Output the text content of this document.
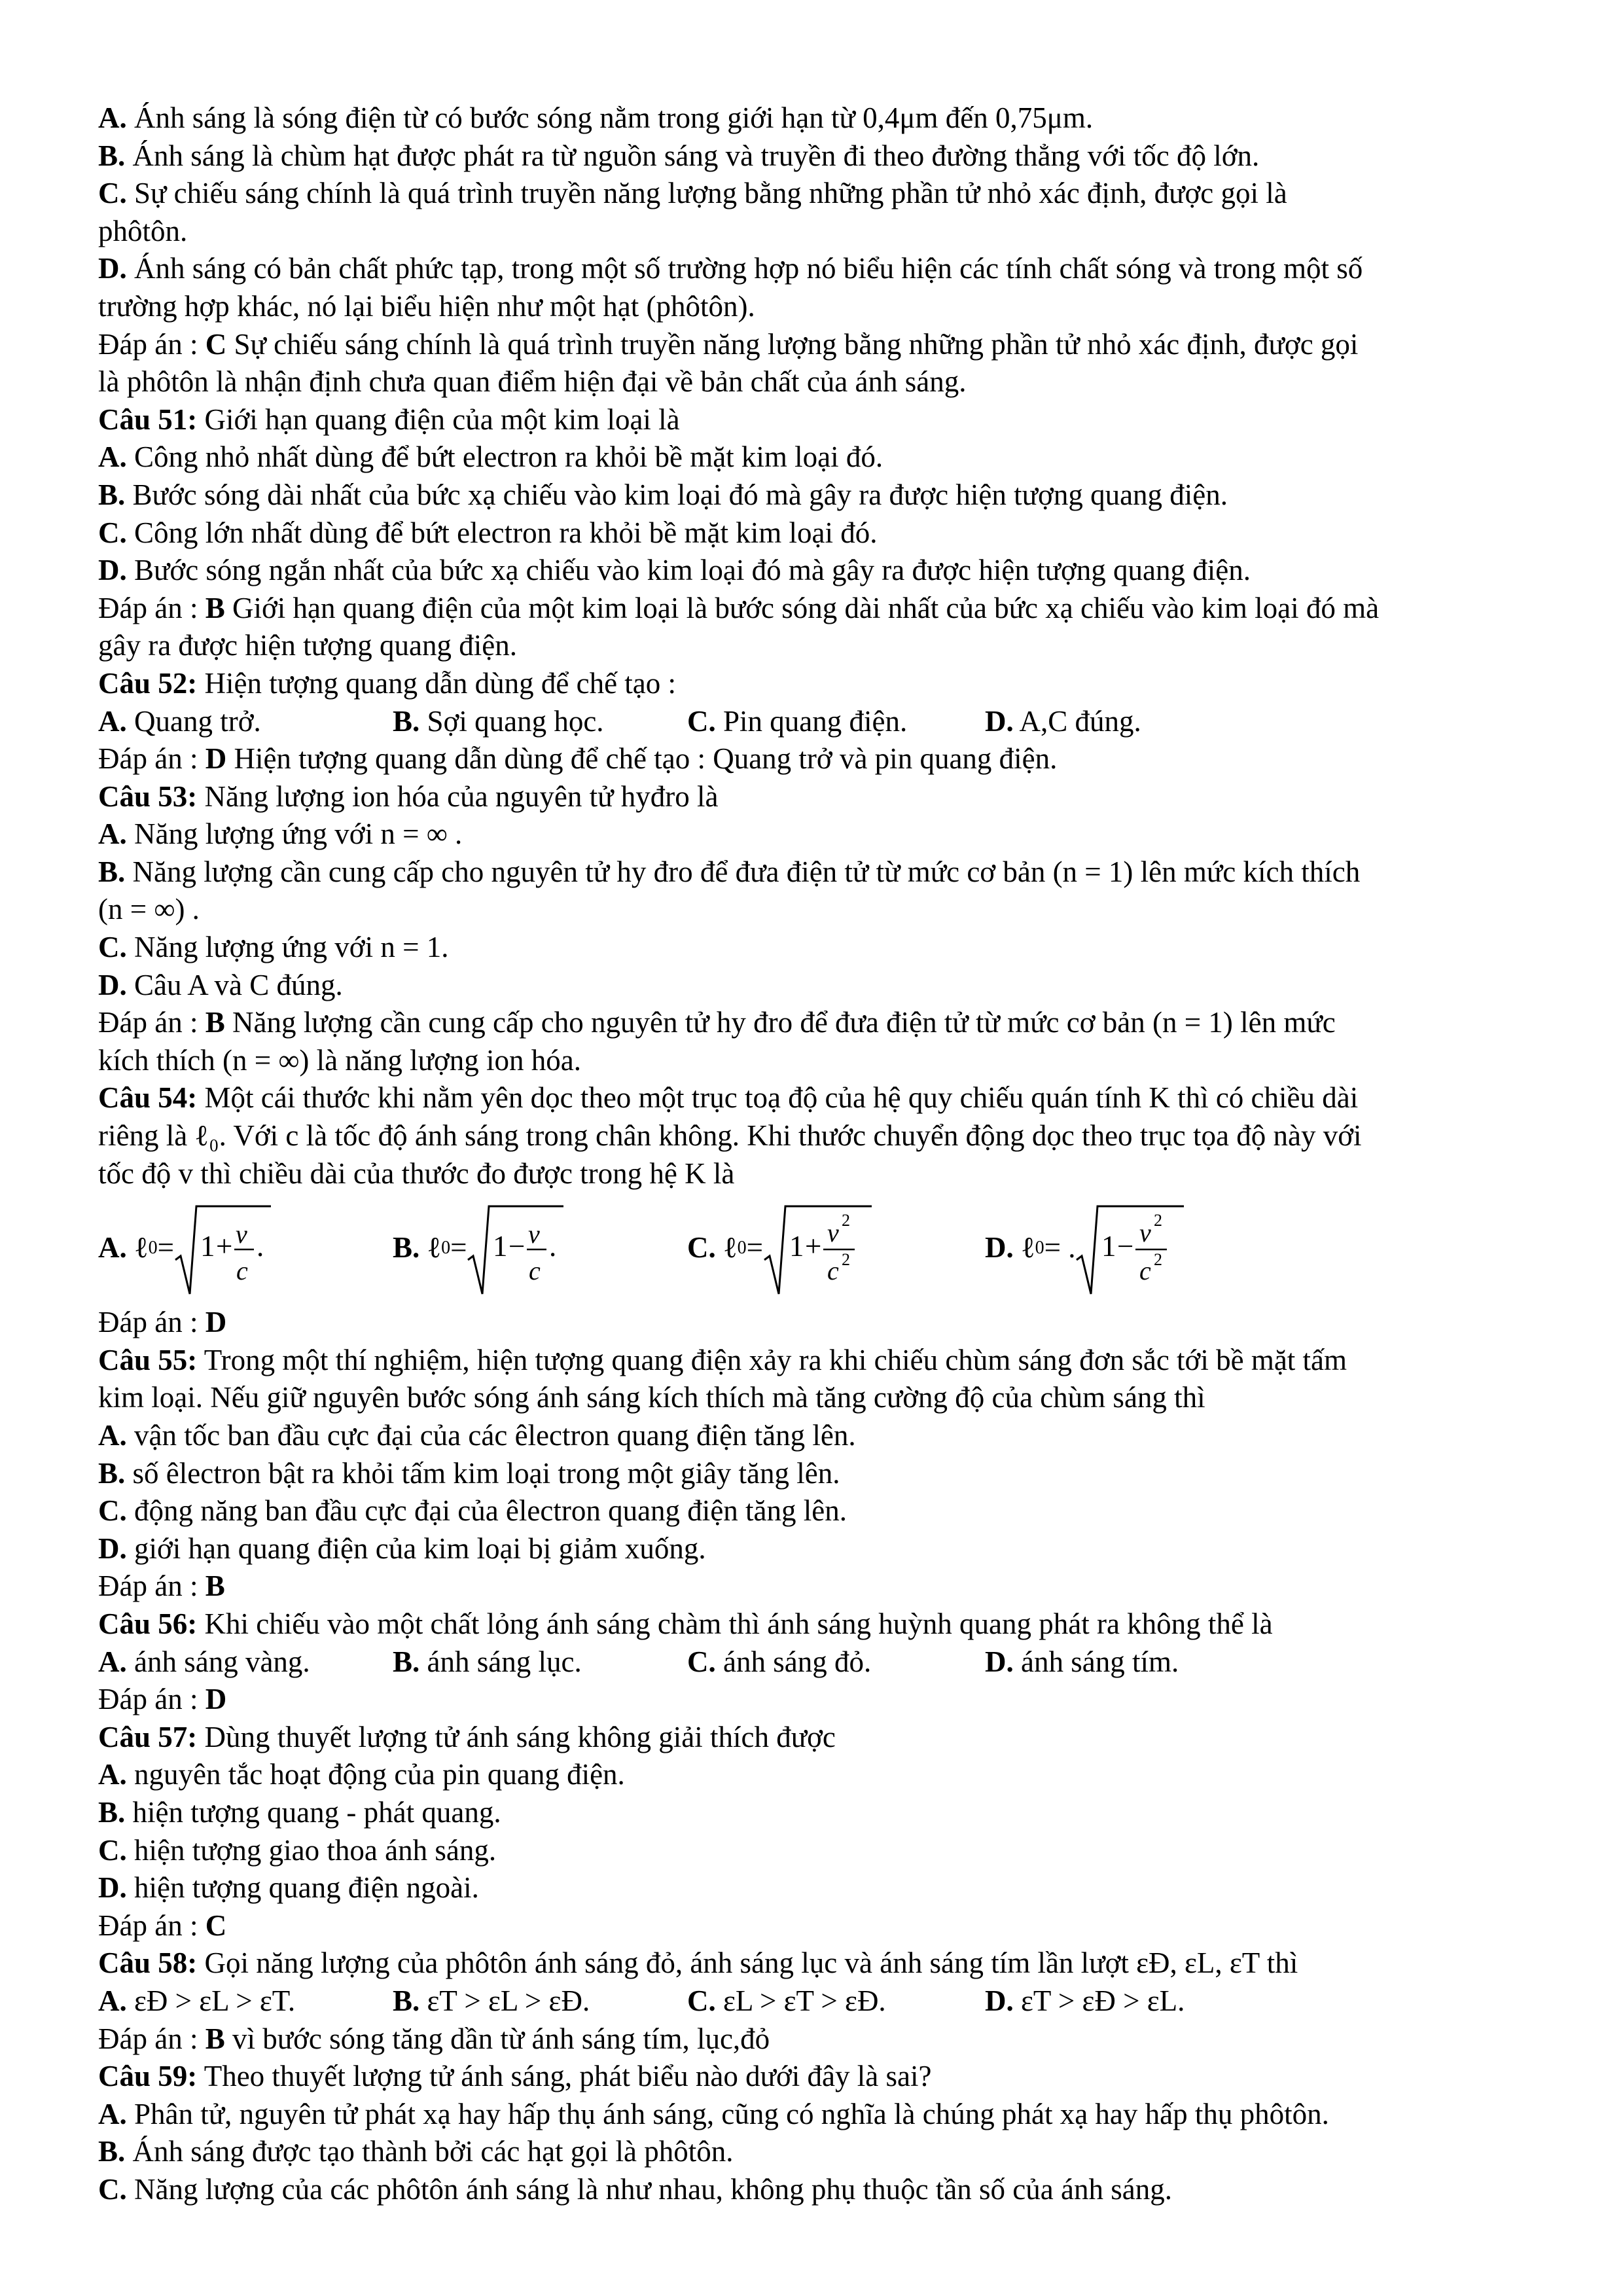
A. Ánh sáng là sóng điện từ có bước sóng nằm trong giới hạn từ 0,4μm đến 0,75μm.
B. Ánh sáng là chùm hạt được phát ra từ nguồn sáng và truyền đi theo đường thẳng với tốc độ lớn.
C. Sự chiếu sáng chính là quá trình truyền năng lượng bằng những phần tử nhỏ xác định, được gọi là
phôtôn.
D. Ánh sáng có bản chất phức tạp, trong một số trường hợp nó biểu hiện các tính chất sóng và trong một số
trường hợp khác, nó lại biểu hiện như một hạt (phôtôn).
Đáp án : C Sự chiếu sáng chính là quá trình truyền năng lượng bằng những phần tử nhỏ xác định, được gọi
là phôtôn là nhận định chưa quan điểm hiện đại về bản chất của ánh sáng.
Câu 51: Giới hạn quang điện của một kim loại là
A. Công nhỏ nhất dùng để bứt electron ra khỏi bề mặt kim loại đó.
B. Bước sóng dài nhất của bức xạ chiếu vào kim loại đó mà gây ra được hiện tượng quang điện.
C. Công lớn nhất dùng để bứt electron ra khỏi bề mặt kim loại đó.
D. Bước sóng ngắn nhất của bức xạ chiếu vào kim loại đó mà gây ra được hiện tượng quang điện.
Đáp án : B Giới hạn quang điện của một kim loại là bước sóng dài nhất của bức xạ chiếu vào kim loại đó mà
gây ra được hiện tượng quang điện.
Câu 52: Hiện tượng quang dẫn dùng để chế tạo :
A. Quang trở.	B. Sợi quang học.	C. Pin quang điện.	D. A,C đúng.
Đáp án : D Hiện tượng quang dẫn dùng để chế tạo : Quang trở và pin quang điện.
Câu 53: Năng lượng ion hóa của nguyên tử hyđro là
A. Năng lượng ứng với n = ∞ .
B. Năng lượng cần cung cấp cho nguyên tử hy đro để đưa điện tử từ mức cơ bản (n = 1) lên mức kích thích
(n = ∞) .
C. Năng lượng ứng với n = 1.
D. Câu A và C đúng.
Đáp án : B Năng lượng cần cung cấp cho nguyên tử hy đro để đưa điện tử từ mức cơ bản (n = 1) lên mức
kích thích (n = ∞) là năng lượng ion hóa.
Câu 54: Một cái thước khi nằm yên dọc theo một trục toạ độ của hệ quy chiếu quán tính K thì có chiều dài
riêng là ℓ₀. Với c là tốc độ ánh sáng trong chân không. Khi thước chuyển động dọc theo trục tọa độ này với
tốc độ v thì chiều dài của thước đo được trong hệ K là
A.
ℓ 0 = 1 + v
c
.	B.
ℓ 0 = 1 − v
c
.	C.
ℓ 0 = 1 + v 2
c 2	D.
ℓ 0 = . 1 − v 2
c 2
Đáp án : D
Câu 55: Trong một thí nghiệm, hiện tượng quang điện xảy ra khi chiếu chùm sáng đơn sắc tới bề mặt tấm
kim loại. Nếu giữ nguyên bước sóng ánh sáng kích thích mà tăng cường độ của chùm sáng thì
A. vận tốc ban đầu cực đại của các êlectron quang điện tăng lên.
B. số êlectron bật ra khỏi tấm kim loại trong một giây tăng lên.
C. động năng ban đầu cực đại của êlectron quang điện tăng lên.
D. giới hạn quang điện của kim loại bị giảm xuống.
Đáp án : B
Câu 56: Khi chiếu vào một chất lỏng ánh sáng chàm thì ánh sáng huỳnh quang phát ra không thể là
A. ánh sáng vàng.	B. ánh sáng lục.	C. ánh sáng đỏ.	D. ánh sáng tím.
Đáp án : D
Câu 57: Dùng thuyết lượng tử ánh sáng không giải thích được
A. nguyên tắc hoạt động của pin quang điện.
B. hiện tượng quang - phát quang.
C. hiện tượng giao thoa ánh sáng.
D. hiện tượng quang điện ngoài.
Đáp án : C
Câu 58: Gọi năng lượng của phôtôn ánh sáng đỏ, ánh sáng lục và ánh sáng tím lần lượt εĐ, εL, εT thì
A. εĐ > εL > εT.	B. εT > εL > εĐ.	C. εL > εT > εĐ.	D. εT > εĐ > εL.
Đáp án : B vì bước sóng tăng dần từ ánh sáng tím, lục,đỏ
Câu 59: Theo thuyết lượng tử ánh sáng, phát biểu nào dưới đây là sai?
A. Phân tử, nguyên tử phát xạ hay hấp thụ ánh sáng, cũng có nghĩa là chúng phát xạ hay hấp thụ phôtôn.
B. Ánh sáng được tạo thành bởi các hạt gọi là phôtôn.
C. Năng lượng của các phôtôn ánh sáng là như nhau, không phụ thuộc tần số của ánh sáng.
